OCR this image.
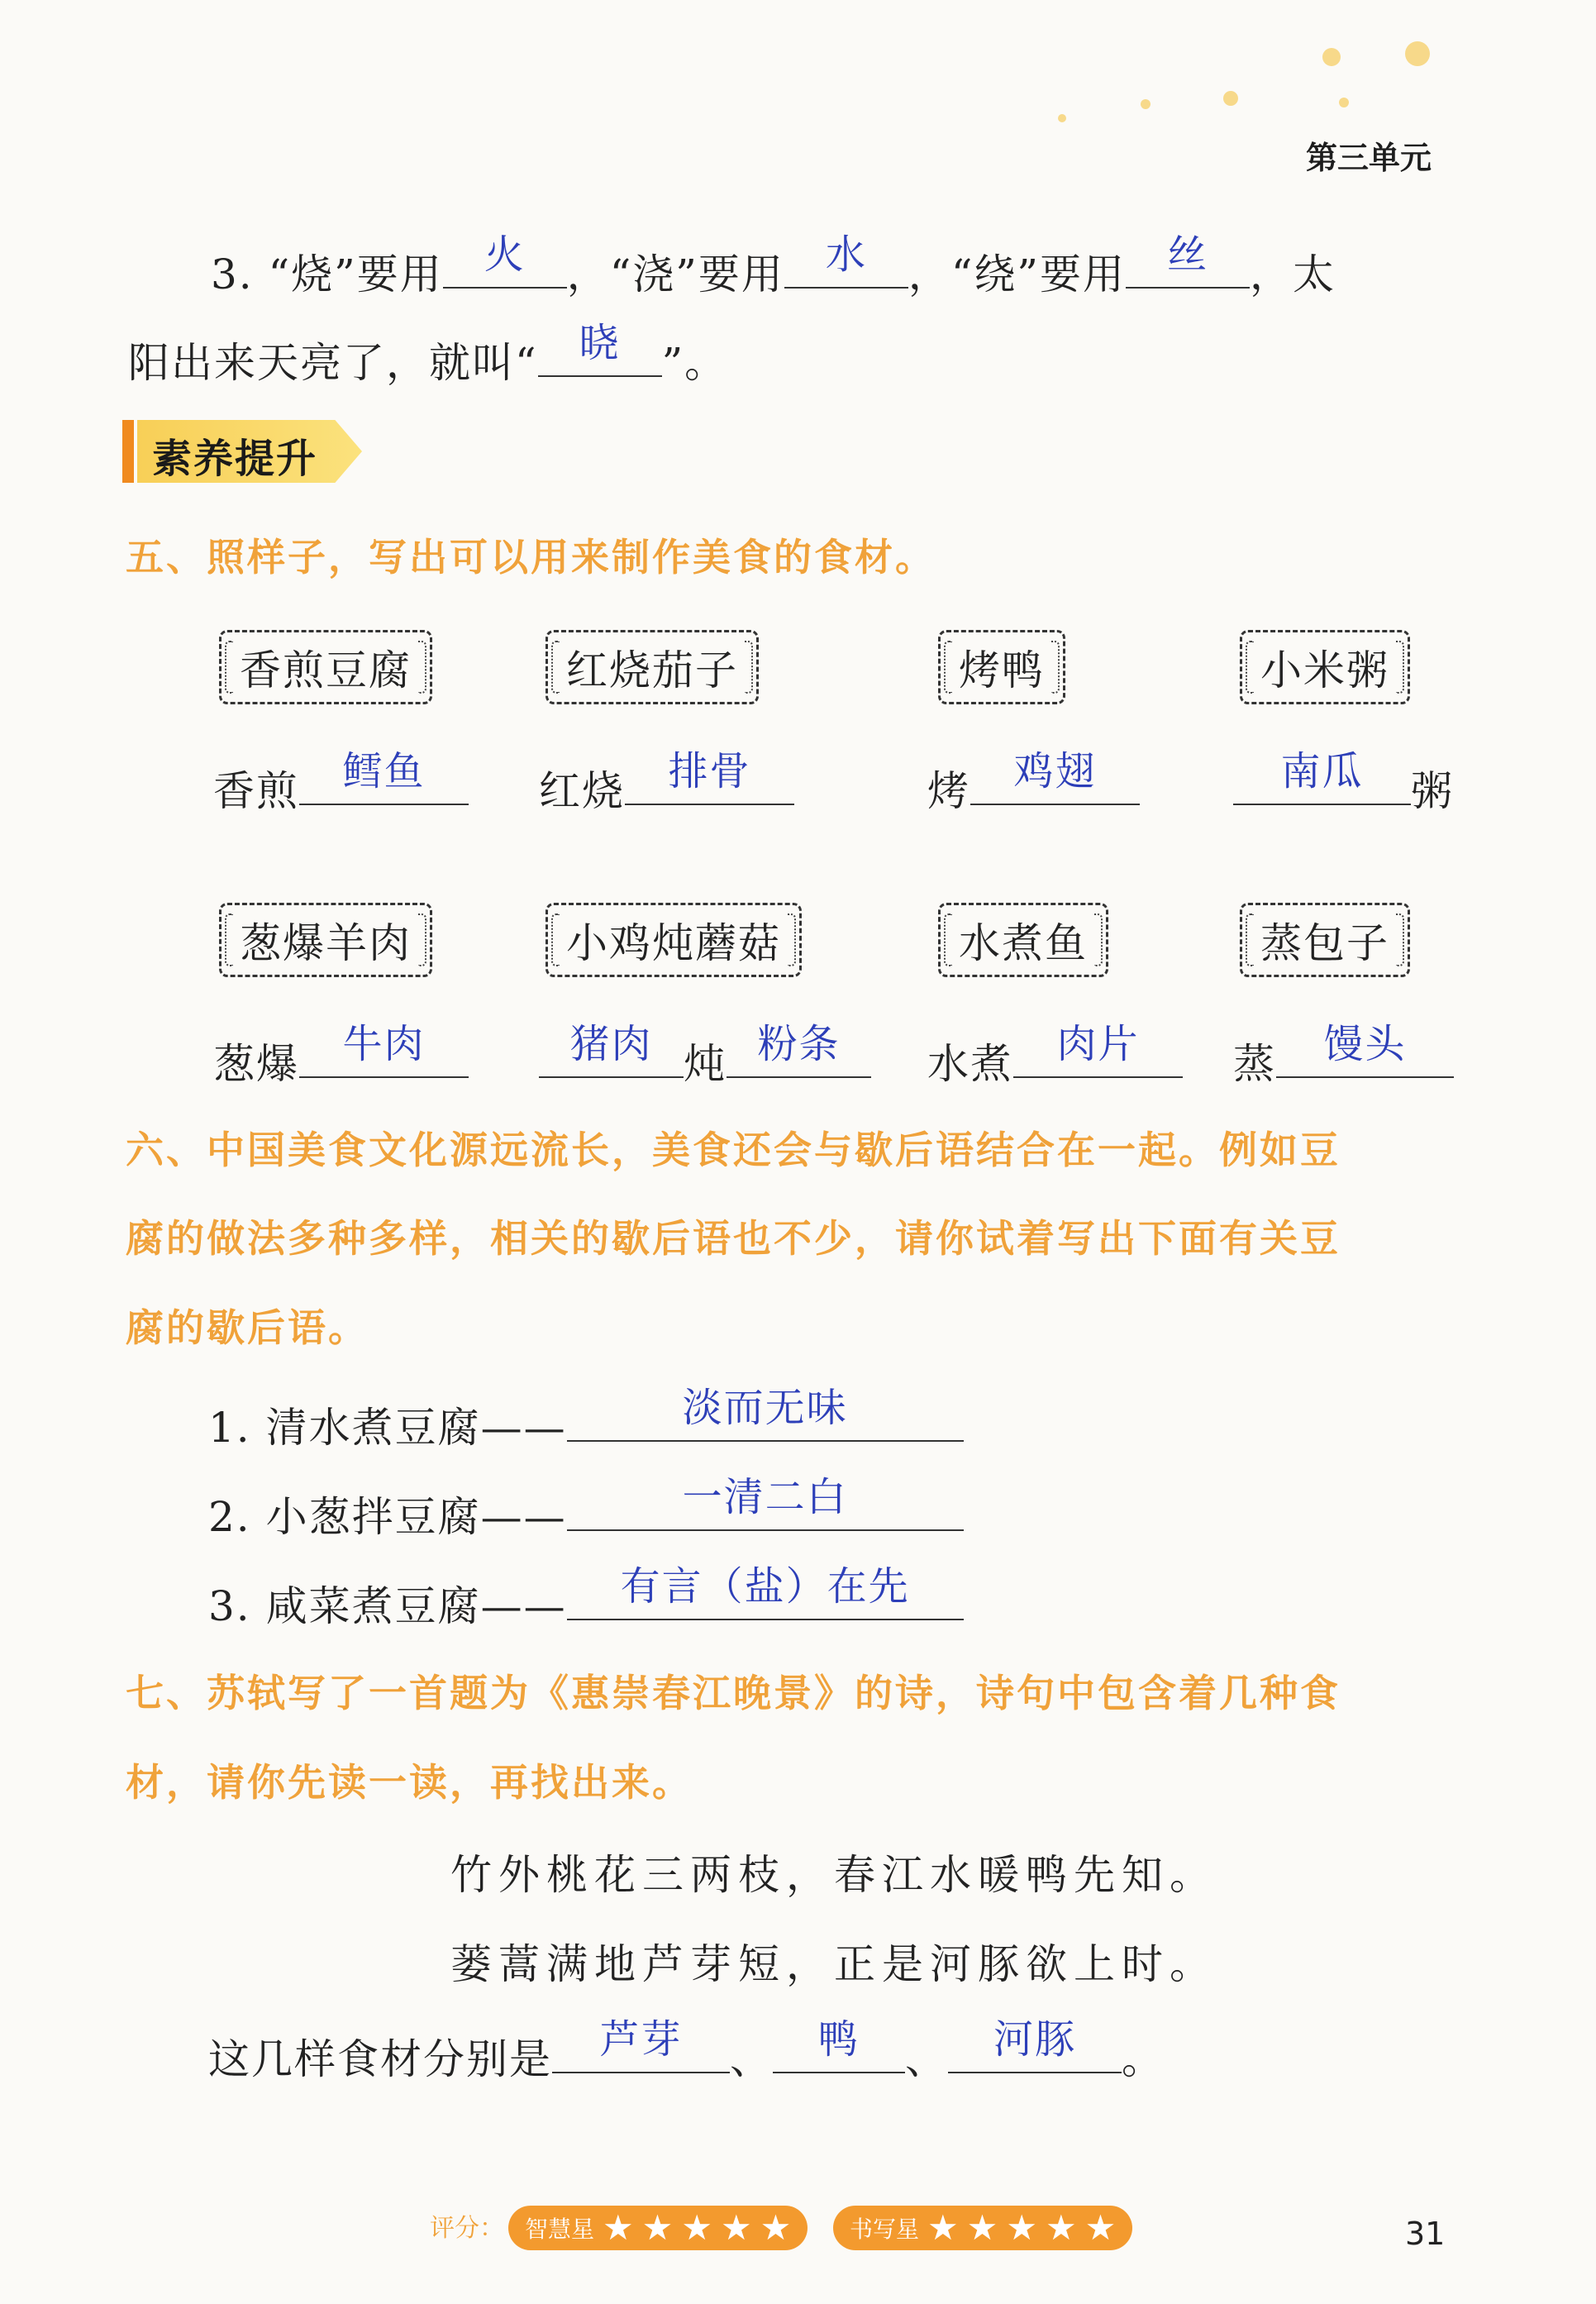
第三单元
3. “烧”要用	火	，“浇”要用	水	，“绕”要用	丝	，太
阳出来天亮了，就叫“	晓	”。
素养提升
五、照样子，写出可以用来制作美食的食材。
香煎豆腐	红烧茄子	烤鸭	小米粥
香煎	鳕鱼	红烧	排骨	烤	鸡翅	南瓜	粥
葱爆羊肉	小鸡炖蘑菇	水煮鱼	蒸包子
葱爆	牛肉	猪肉 炖 粉条	水煮	肉片	蒸	馒头
六、中国美食文化源远流长，美食还会与歇后语结合在一起。例如豆
腐的做法多种多样，相关的歇后语也不少，请你试着写出下面有关豆
腐的歇后语。
1. 清水煮豆腐——	淡而无味
2. 小葱拌豆腐——	一清二白
3. 咸菜煮豆腐——	有言（盐）在先
七、苏轼写了一首题为《惠崇春江晚景》的诗，诗句中包含着几种食
材，请你先读一读，再找出来。
竹外桃花三两枝，春江水暖鸭先知。
蒌蒿满地芦芽短，正是河豚欲上时。
这几样食材分别是	芦芽	、	鸭	、	河豚	。
评分： 智慧星 ★ ★ ★ ★ ★	书写星 ★ ★ ★ ★ ★	31
